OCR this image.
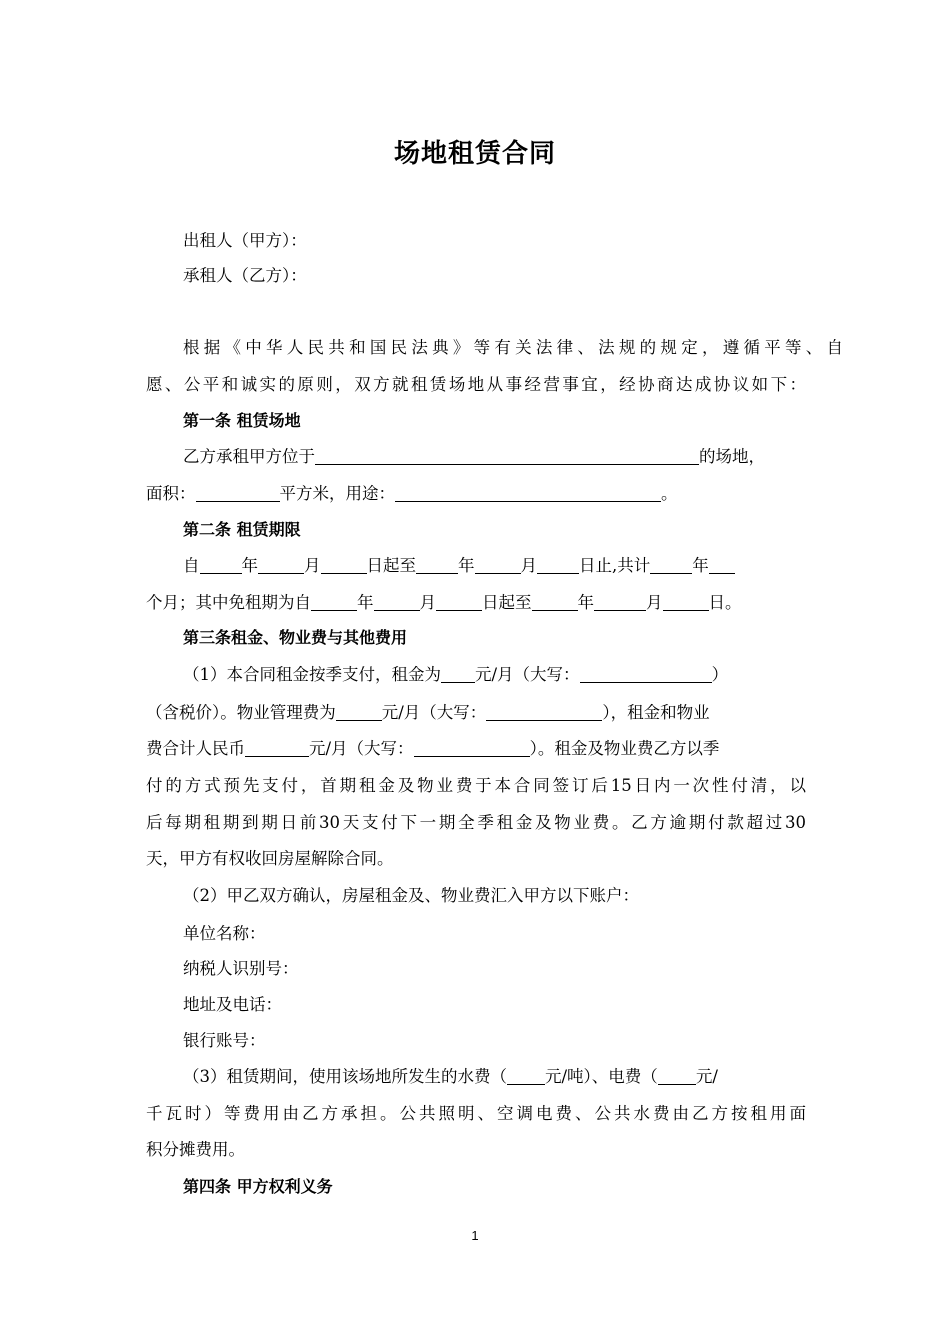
场地租赁合同
出租人（甲方）：
承租人（乙方）：
根据《中华人民共和国民法典》等有关法律、法规的规定，遵循平等、自
愿、公平和诚实的原则，双方就租赁场地从事经营事宜，经协商达成协议如下：
第一条 租赁场地
乙方承租甲方位于	的场地，
面积：	平方米，用途：	。
第二条 租赁期限
自	年	月	日起至	年	月	日止,共计	年
个月；其中免租期为自	年	月	日起至	年	月	日。
第三条租金、物业费与其他费用
（1）本合同租金按季支付，租金为 元/月（大写：	）
（含税价）。物业管理费为	元/月（大写：	），租金和物业
费合计人民币	元/月（大写：	）。租金及物业费乙方以季
付的方式预先支付，首期租金及物业费于本合同签订后15日内一次性付清，以
后每期租期到期日前30天支付下一期全季租金及物业费。乙方逾期付款超过30
天，甲方有权收回房屋解除合同。
（2）甲乙双方确认，房屋租金及、物业费汇入甲方以下账户：
单位名称：
纳税人识别号：
地址及电话：
银行账号：
（3）租赁期间，使用该场地所发生的水费（ 元/吨）、电费（ 元/
千瓦时）等费用由乙方承担。公共照明、空调电费、公共水费由乙方按租用面
积分摊费用。
第四条 甲方权利义务
1
